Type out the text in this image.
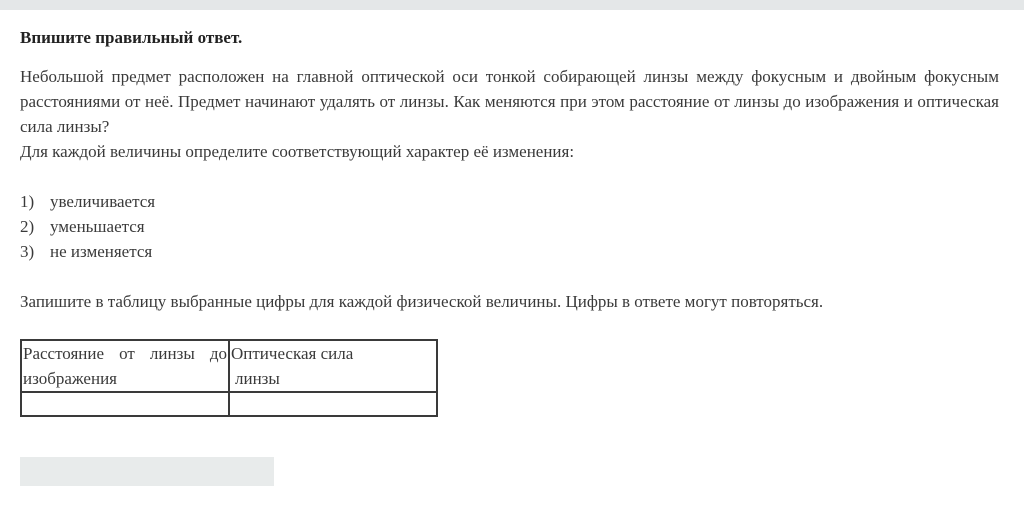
Впишите правильный ответ.

Небольшой предмет расположен на главной оптической оси тонкой собирающей линзы между фокусным и двойным фокусным расстояниями от неё. Предмет начинают удалять от линзы. Как меняются при этом расстояние от линзы до изображения и оптическая сила линзы?

Для каждой величины определите соответствующий характер её изменения:

1) увеличивается
2) уменьшается
3) не изменяется

Запишите в таблицу выбранные цифры для каждой физической величины. Цифры в ответе могут повторяться.

Расстояние от линзы до
изображения	Оптическая сила
линзы
